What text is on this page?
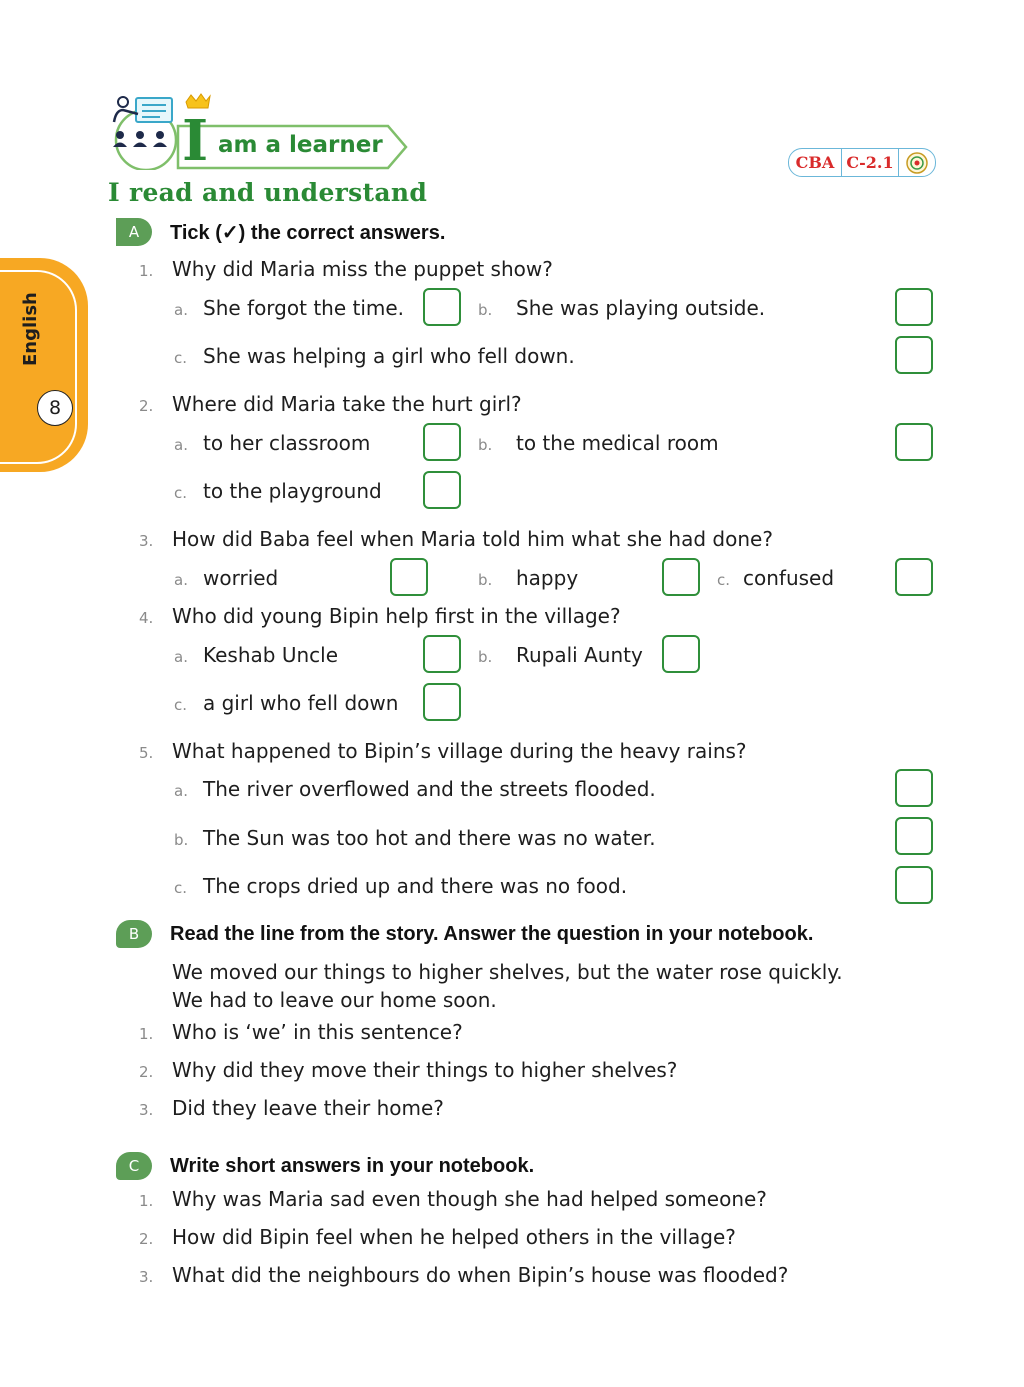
English
8
I am a learner
CBA C-2.1
I read and understand
A	Tick (✓) the correct answers.
1. Why did Maria miss the puppet show?
a. She forgot the time.	b. She was playing outside.
c. She was helping a girl who fell down.
2. Where did Maria take the hurt girl?
a. to her classroom	b. to the medical room
c. to the playground
3. How did Baba feel when Maria told him what she had done?
a. worried	b. happy	c. confused
4. Who did young Bipin help first in the village?
a. Keshab Uncle	b. Rupali Aunty
c. a girl who fell down
5. What happened to Bipin’s village during the heavy rains?
a. The river overflowed and the streets flooded.
b. The Sun was too hot and there was no water.
c. The crops dried up and there was no food.
B	Read the line from the story. Answer the question in your notebook.
We moved our things to higher shelves, but the water rose quickly.
We had to leave our home soon.
1. Who is ‘we’ in this sentence?
2. Why did they move their things to higher shelves?
3. Did they leave their home?
C	Write short answers in your notebook.
1. Why was Maria sad even though she had helped someone?
2. How did Bipin feel when he helped others in the village?
3. What did the neighbours do when Bipin’s house was flooded?
